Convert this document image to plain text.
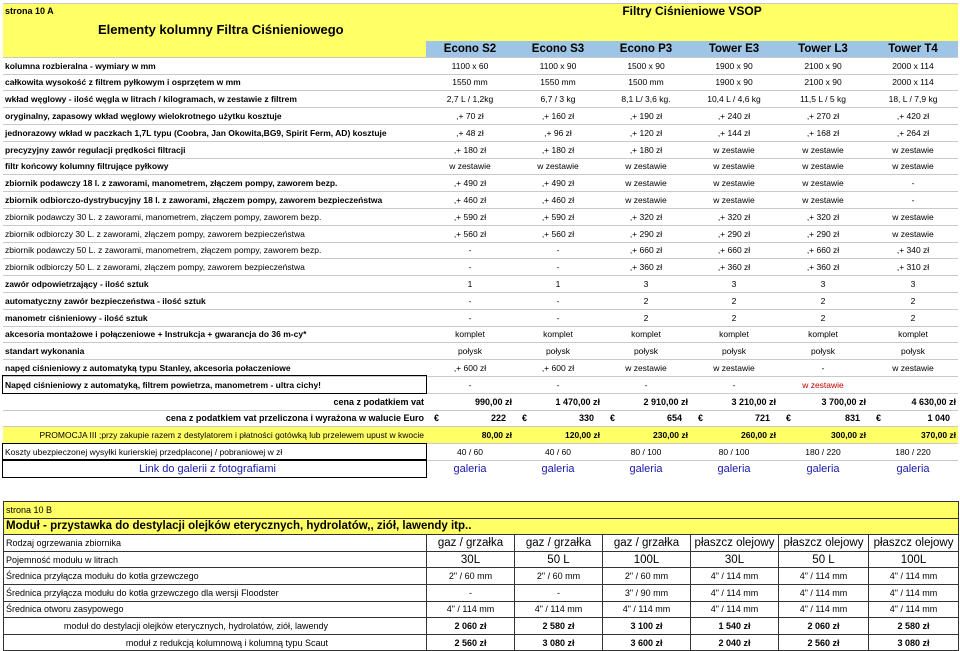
strona 10 A	Filtry Ciśnieniowe VSOP					
Elementy kolumny Filtra Ciśnieniowego						
	Econo S2	Econo S3	Econo P3	Tower E3	Tower L3	Tower T4
kolumna rozbieralna - wymiary w mm	1100 x 60	1100 x 90	1500 x 90	1900 x 90	2100 x 90	2000 x 114
całkowita wysokość z filtrem pyłkowym i osprzętem w mm	1550 mm	1550 mm	1500 mm	1900 x 90	2100 x 90	2000 x 114
wkład węglowy - ilość węgla w litrach / kilogramach, w zestawie z filtrem	2,7 L / 1,2kg	6,7 / 3 kg	8,1 L/ 3,6 kg.	10,4 L / 4,6 kg	11,5 L / 5 kg	18, L / 7,9 kg
oryginalny, zapasowy wkład węglowy wielokrotnego użytku kosztuje	,+ 70 zł	,+ 160 zł	,+ 190 zł	,+ 240 zł	,+ 270 zł	,+ 420 zł
jednorazowy wkład w paczkach 1,7L typu (Coobra, Jan Okowita,BG9, Spirit Ferm, AD) kosztuje	,+ 48 zł	,+ 96 zł	,+ 120 zł	,+ 144 zł	,+ 168 zł	,+ 264 zł
precyzyjny zawór regulacji prędkości filtracji	,+ 180 zł	,+ 180 zł	,+ 180 zł	w zestawie	w zestawie	w zestawie
filtr końcowy kolumny filtrujące pyłkowy	w zestawie	w zestawie	w zestawie	w zestawie	w zestawie	w zestawie
zbiornik podawczy 18 l. z zaworami, manometrem, złączem pompy, zaworem bezp.	,+ 490 zł	,+ 490 zł	w zestawie	w zestawie	w zestawie	-
zbiornik odbiorczo-dystrybucyjny 18 l. z zaworami, złączem pompy, zaworem bezpieczeństwa	,+ 460 zł	,+ 460 zł	w zestawie	w zestawie	w zestawie	-
zbiornik podawczy 30 L. z zaworami, manometrem, złączem pompy, zaworem bezp.	,+ 590 zł	,+ 590 zł	,+ 320 zł	,+ 320 zł	,+ 320 zł	w zestawie
zbiornik odbiorczy 30 L. z zaworami, złączem pompy, zaworem bezpieczeństwa	,+ 560 zł	,+ 560 zł	,+ 290 zł	,+ 290 zł	,+ 290 zł	w zestawie
zbiornik podawczy 50 L. z zaworami, manometrem, złączem pompy, zaworem bezp.	-	-	,+ 660 zł	,+ 660 zł	,+ 660 zł	,+ 340 zł
zbiornik odbiorczy 50 L. z zaworami, złączem pompy, zaworem bezpieczeństwa	-	-	,+ 360 zł	,+ 360 zł	,+ 360 zł	,+ 310 zł
zawór odpowietrzający - ilość sztuk	1	1	3	3	3	3
automatyczny zawór bezpieczeństwa - ilość sztuk	-	-	2	2	2	2
manometr ciśnieniowy - ilość sztuk	-	-	2	2	2	2
akcesoria montażowe i połączeniowe + Instrukcja + gwarancja do 36 m-cy*	komplet	komplet	komplet	komplet	komplet	komplet
standart wykonania	połysk	połysk	połysk	połysk	połysk	połysk
napęd ciśnieniowy z automatyką typu Stanley, akcesoria połaczeniowe	,+ 600 zł	,+ 600 zł	w zestawie	w zestawie	-	w zestawie
Napęd ciśnieniowy z automatyką, filtrem powietrza, manometrem - ultra cichy!	-	-	-	-	w zestawie	
cena z podatkiem vat	990,00 zł	1 470,00 zł	2 910,00 zł	3 210,00 zł	3 700,00 zł	4 630,00 zł
cena z podatkiem vat przeliczona i wyrażona w walucie Euro	€ 222	€ 330	€ 654	€ 721	€ 831	€ 1 040

PROMOCJA III ;przy zakupie razem z destylatorem i płatności gotówką lub przelewem upust w kwocie	80,00 zł	120,00 zł	230,00 zł	260,00 zł	300,00 zł	370,00 zł
Koszty ubezpieczonej wysyłki kurierskiej przedpłaconej / pobraniowej w zł	40 / 60	40 / 60	80 / 100	80 / 100	180 / 220	180 / 220
Link do galerii z fotografiami	galeria	galeria	galeria	galeria	galeria	galeria
strona 10 B						
Moduł - przystawka do destylacji olejków eterycznych, hydrolatów,, ziół, lawendy itp..						
Rodzaj ogrzewania zbiornika	gaz / grzałka	gaz / grzałka	gaz / grzałka	płaszcz olejowy	płaszcz olejowy	płaszcz olejowy
Pojemność modułu w litrach	30L	50 L	100L	30L	50 L	100L
Średnica przyłącza modułu do kotła grzewczego	2" / 60 mm	2" / 60 mm	2" / 60 mm	4" / 114 mm	4" / 114 mm	4" / 114 mm
Średnica przyłącza modułu do kotła grzewczego dla wersji Floodster	-	-	3" / 90 mm	4" / 114 mm	4" / 114 mm	4" / 114 mm
Średnica otworu zasypowego	4" / 114 mm	4" / 114 mm	4" / 114 mm	4" / 114 mm	4" / 114 mm	4" / 114 mm
moduł do destylacji olejków eterycznych, hydrolatów, ziół, lawendy	2 060 zł	2 580 zł	3 100 zł	1 540 zł	2 060 zł	2 580 zł
moduł z redukcją kolumnową i kolumną typu Scaut	2 560 zł	3 080 zł	3 600 zł	2 040 zł	2 560 zł	3 080 zł
